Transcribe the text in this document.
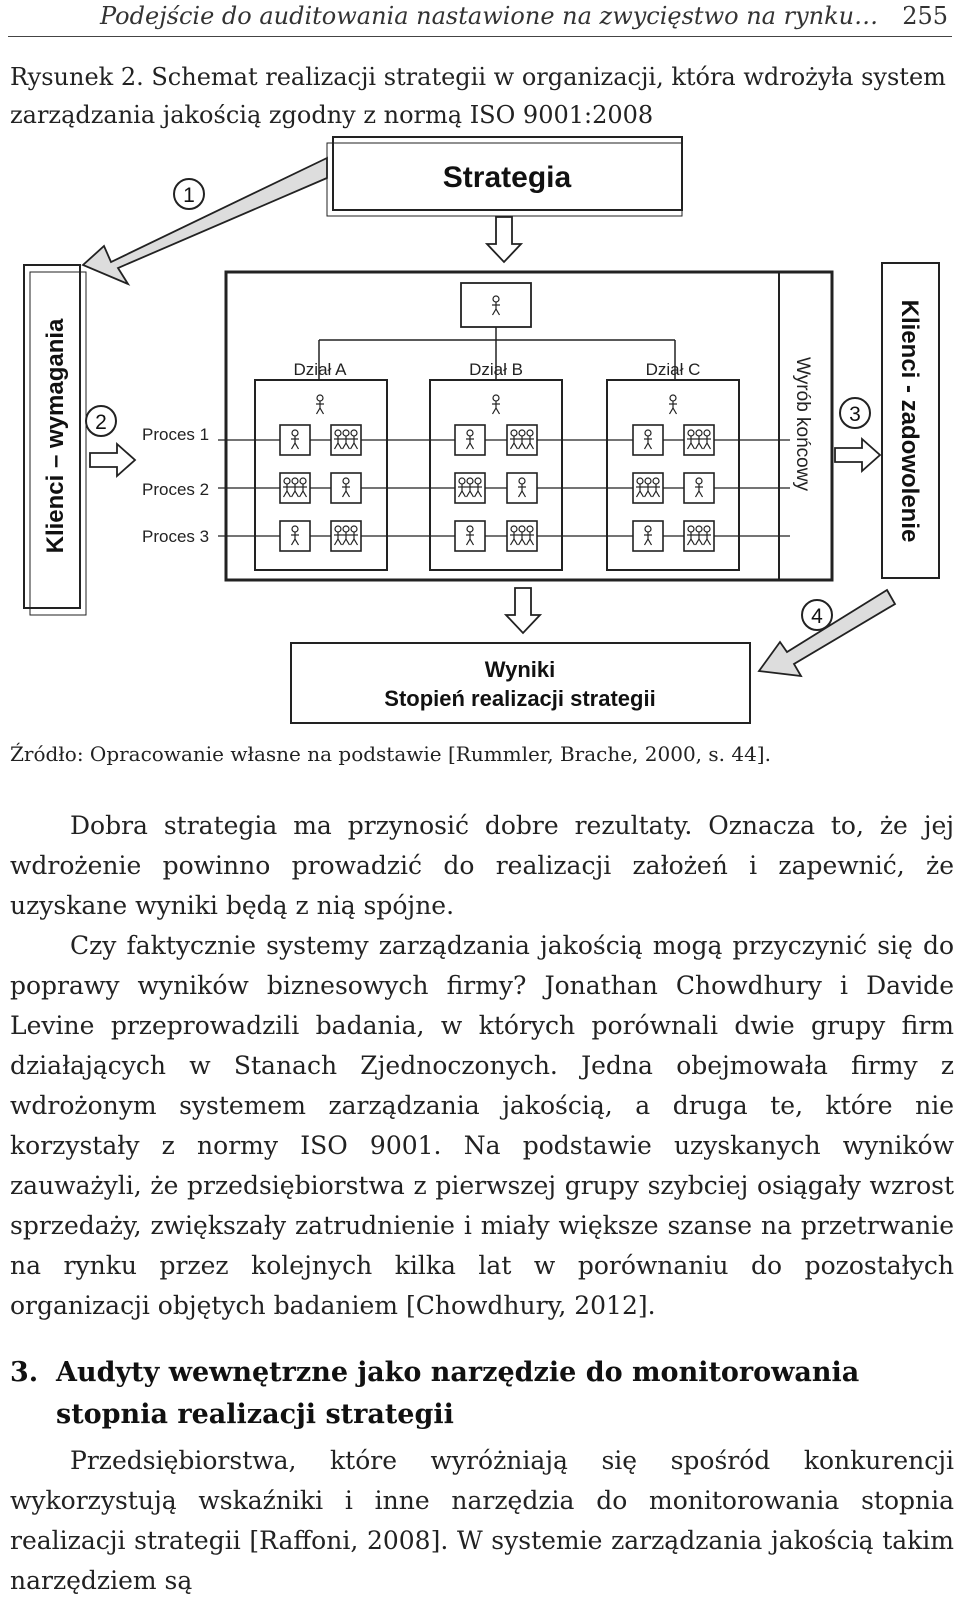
Podejście do auditowania nastawione na zwycięstwo na rynku… 255
Rysunek 2. Schemat realizacji strategii w organizacji, która wdrożyła system zarządzania jakością zgodny z normą ISO 9001:2008
Strategia
1
Klienci – wymagania 2
Proces 1
Proces 2
Proces 3
Dział A	Dział B	Dział C	Wyrób końcowy 3 Klienci - zadowolenie
4
Wyniki
Stopień realizacji strategii
Źródło: Opracowanie własne na podstawie [Rummler, Brache, 2000, s. 44].

Dobra strategia ma przynosić dobre rezultaty. Oznacza to, że jej wdrożenie powinno prowadzić do realizacji założeń i zapewnić, że uzyskane wyniki będą z nią spójne.

Czy faktycznie systemy zarządzania jakością mogą przyczynić się do poprawy wyników biznesowych firmy? Jonathan Chowdhury i Davide Levine przeprowadzili badania, w których porównali dwie grupy firm działających w Stanach Zjednoczonych. Jedna obejmowała firmy z wdrożonym systemem zarządzania jakością, a druga te, które nie korzystały z normy ISO 9001. Na podstawie uzyskanych wyników zauważyli, że przedsiębiorstwa z pierwszej grupy szybciej osiągały wzrost sprzedaży, zwiększały zatrudnienie i miały większe szanse na przetrwanie na rynku przez kolejnych kilka lat w porównaniu do pozostałych organizacji objętych badaniem [Chowdhury, 2012].

3. Audyty wewnętrzne jako narzędzie do monitorowania stopnia realizacji strategii

Przedsiębiorstwa, które wyróżniają się spośród konkurencji wykorzystują wskaźniki i inne narzędzia do monitorowania stopnia realizacji strategii [Raffoni, 2008]. W systemie zarządzania jakością takim narzędziem są
